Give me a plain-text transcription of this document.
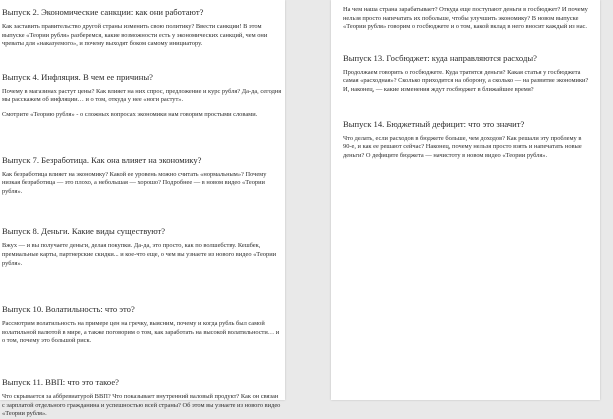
Выпуск 2. Экономические санкции: как они работают?

Как заставить правительство другой страны изменить свою политику? Ввести санкции! В этом выпуске «Теории рубля» разберемся, какие возможности есть у экономических санкций, чем они чреваты для «наказуемого», и почему выходят боком самому инициатору.

Выпуск 4. Инфляция. В чем ее причины?

Почему в магазинах растут цены? Как влияет на них спрос, предложение и курс рубля? Да-да, сегодня мы расскажем об инфляции… и о том, откуда у нее «ноги растут».

Смотрите «Теорию рубля» - о сложных вопросах экономики нам говорим простыми словами.

Выпуск 7. Безработица. Как она влияет на экономику?

Как безработица влияет на экономику? Какой ее уровень можно считать «нормальным»? Почему низкая безработица — это плохо, а небольшая — хорошо? Подробнее — в новом видео «Теории рубля».

Выпуск 8. Деньги. Какие виды существуют?

Вжух — и вы получаете деньги, делая покупки. Да-да, это просто, как по волшебству. Кешбек, премиальные карты, партнерские скидки... и кое-что еще, о чем вы узнаете из нового видео «Теории рубля».

Выпуск 10. Волатильность: что это?

Рассмотрим волатильность на примере цен на гречку, выясним, почему и когда рубль был самой волатильной валютой в мире, а также поговорим о том, как заработать на высокой волатильности… и о том, почему это большой риск.

Выпуск 11. ВВП: что это такое?

Что скрывается за аббревиатурой ВВП? Что показывает внутренний валовый продукт? Как он связан с зарплатой отдельного гражданина и успешностью всей страны? Об этом вы узнаете из нового видео «Теории рубля».

На чем наша страна зарабатывает? Откуда еще поступают деньги в госбюджет? И почему

нельзя просто напечатать их побольше, чтобы улучшить экономику? В новом выпуске

«Теории рубля» говорим о госбюджете и о том, какой вклад в него вносит каждый из нас.

Выпуск 13. Госбюджет: куда направляются расходы?

Продолжаем говорить о госбюджете. Куда тратятся деньги? Какая статья у госбюджета

самая «расходная»? Сколько приходится на оборону, а сколько — на развитие экономики?

И, наконец, — какие изменения ждут госбюджет в ближайшее время?

Выпуск 14. Бюджетный дефицит: что это значит?

Что делать, если расходов в бюджете больше, чем доходов? Как решали эту проблему в

90-е, и как ее решают сейчас? Наконец, почему нельзя просто взять и напечатать новые

деньги? О дефиците бюджета — начистоту в новом видео «Теории рубля».
